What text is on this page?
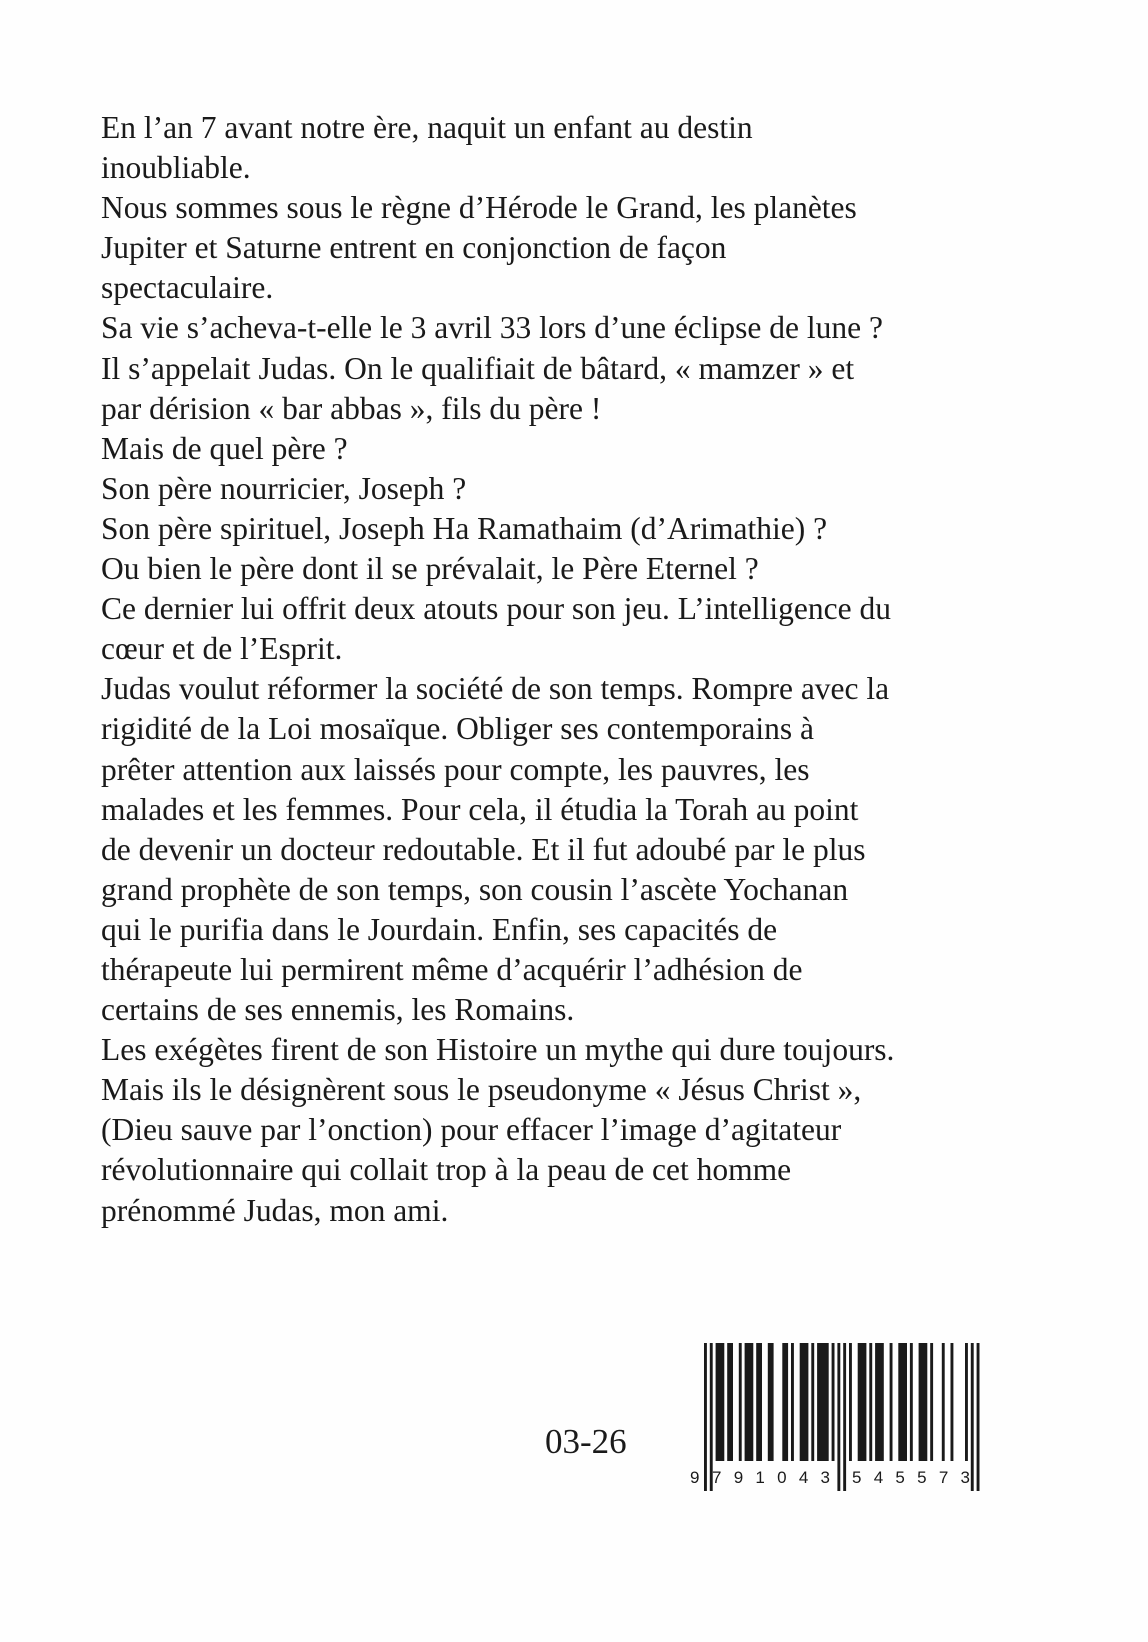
En l’an 7 avant notre ère, naquit un enfant au destin
inoubliable.
Nous sommes sous le règne d’Hérode le Grand, les planètes
Jupiter et Saturne entrent en conjonction de façon
spectaculaire.
Sa vie s’acheva-t-elle le 3 avril 33 lors d’une éclipse de lune ?
Il s’appelait Judas. On le qualifiait de bâtard, « mamzer » et
par dérision « bar abbas », fils du père !
Mais de quel père ?
Son père nourricier, Joseph ?
Son père spirituel, Joseph Ha Ramathaim (d’Arimathie) ?
Ou bien le père dont il se prévalait, le Père Eternel ?
Ce dernier lui offrit deux atouts pour son jeu. L’intelligence du
cœur et de l’Esprit.
Judas voulut réformer la société de son temps. Rompre avec la
rigidité de la Loi mosaïque. Obliger ses contemporains à
prêter attention aux laissés pour compte, les pauvres, les
malades et les femmes. Pour cela, il étudia la Torah au point
de devenir un docteur redoutable. Et il fut adoubé par le plus
grand prophète de son temps, son cousin l’ascète Yochanan
qui le purifia dans le Jourdain. Enfin, ses capacités de
thérapeute lui permirent même d’acquérir l’adhésion de
certains de ses ennemis, les Romains.
Les exégètes firent de son Histoire un mythe qui dure toujours.
Mais ils le désignèrent sous le pseudonyme « Jésus Christ »,
(Dieu sauve par l’onction) pour effacer l’image d’agitateur
révolutionnaire qui collait trop à la peau de cet homme
prénommé Judas, mon ami.
03-26
9 791043 545573
